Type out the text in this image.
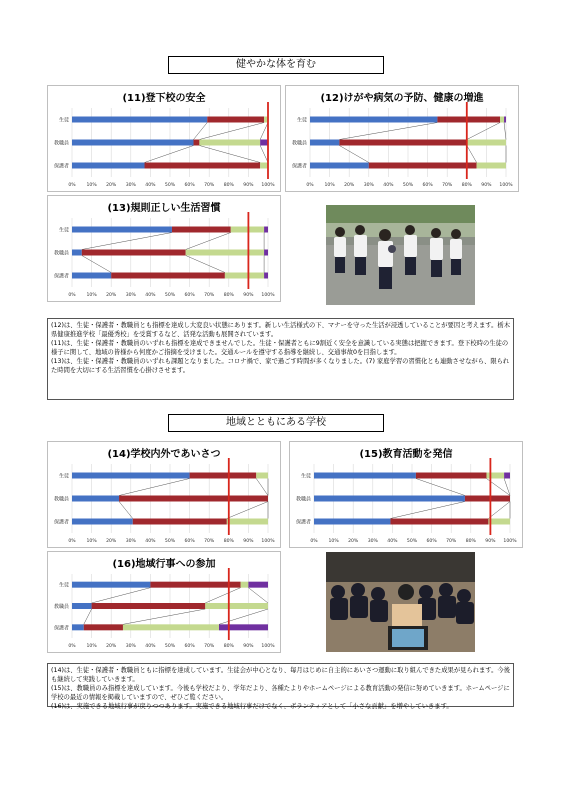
健やかな体を育む
(11)登下校の安全
0% 10% 20% 30% 40% 50% 60% 70% 80% 90% 100%
生徒
教職員
保護者
(12)けがや病気の予防、健康の増進
0% 10% 20% 30% 40% 50% 60% 70% 80% 90% 100%
生徒
教職員
保護者
(13)規則正しい生活習慣
0% 10% 20% 30% 40% 50% 60% 70% 80% 90% 100%
生徒
教職員
保護者

(12)は、生徒・保護者・教職員とも指標を達成し大変良い状態にあります。新しい生活様式の下、マナーを守った生活が浸透していることが要因と考えます。栃木県健康推進学校「最優秀校」を受賞するなど、活発な活動も展開されています。

(11)は、生徒・保護者・教職員のいずれも指標を達成できませんでした。生徒・保護者ともに9割近く安全を意識している実態は把握できます。登下校時の生徒の様子に関して、地域の皆様から何度かご指摘を受けました。交通ルールを遵守する指導を継続し、交通事故0を目指します。

(13)は、生徒・保護者・教職員のいずれも課題となりました。コロナ禍で、家で過ごす時間が多くなりました。(7) 家庭学習の習慣化とも連動させながら、限られた時間を大切にする生活習慣を心掛けさせます。

地域とともにある学校
(14)学校内外であいさつ
0% 10% 20% 30% 40% 50% 60% 70% 80% 90% 100%
生徒
教職員
保護者
(15)教育活動を発信
0% 10% 20% 30% 40% 50% 60% 70% 80% 90% 100%
生徒
教職員
保護者
(16)地域行事への参加
0% 10% 20% 30% 40% 50% 60% 70% 80% 90% 100%
生徒
教職員
保護者

(14)は、生徒・保護者・教職員ともに指標を達成しています。生徒会が中心となり、毎月はじめに自主的にあいさつ運動に取り組んできた成果が見られます。今後も継続して実践していきます。

(15)は、教職員のみ指標を達成しています。今後も学校だより、学年だより、各種たよりやホームページによる教育活動の発信に努めていきます。ホームページに学校の最近の情報を掲載していますので、ぜひご覧ください。

(16)は、実施できる地域行事が戻りつつあります。実施できる地域行事だけでなく、ボランティアとして「小さな貢献」を増やしていきます。
